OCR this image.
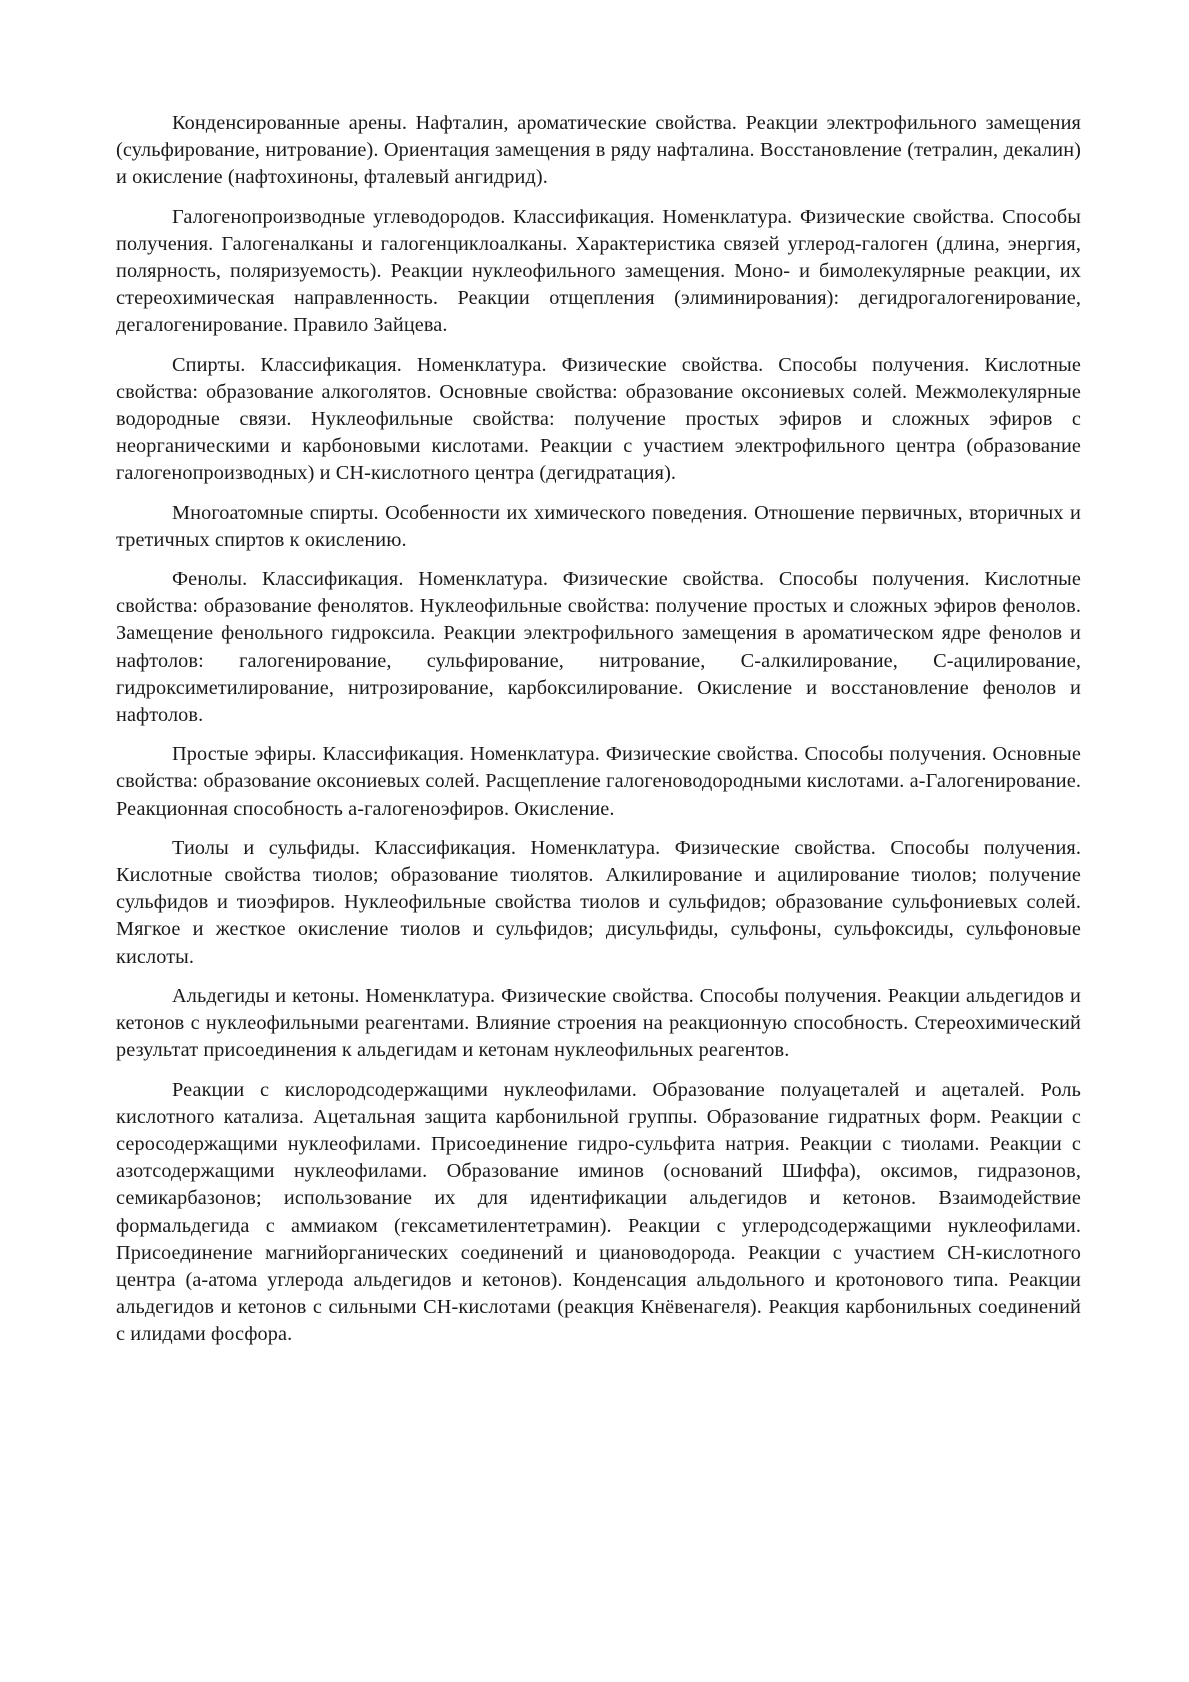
Конденсированные арены. Нафталин, ароматические свойства. Реакции электрофильного замещения (сульфирование, нитрование). Ориентация замещения в ряду нафталина. Восстановление (тетралин, декалин) и окисление (нафтохиноны, фталевый ангидрид).

Галогенопроизводные углеводородов. Классификация. Номенклатура. Физические свойства. Способы получения. Галогеналканы и галогенциклоалканы. Характеристика связей углерод-галоген (длина, энергия, полярность, поляризуемость). Реакции нуклеофильного замещения. Моно- и бимолекулярные реакции, их стереохимическая направленность. Реакции отщепления (элиминирования): дегидрогалогенирование, дегалогенирование. Правило Зайцева.

Спирты. Классификация. Номенклатура. Физические свойства. Способы получения. Кислотные свойства: образование алкоголятов. Основные свойства: образование оксониевых солей. Межмолекулярные водородные связи. Нуклеофильные свойства: получение простых эфиров и сложных эфиров с неорганическими и карбоновыми кислотами. Реакции с участием электрофильного центра (образование галогенопроизводных) и СН-кислотного центра (дегидратация).

Многоатомные спирты. Особенности их химического поведения. Отношение первичных, вторичных и третичных спиртов к окислению.

Фенолы. Классификация. Номенклатура. Физические свойства. Способы получения. Кислотные свойства: образование фенолятов. Нуклеофильные свойства: получение простых и сложных эфиров фенолов. Замещение фенольного гидроксила. Реакции электрофильного замещения в ароматическом ядре фенолов и нафтолов: галогенирование, сульфирование, нитрование, С-алкилирование, С-ацилирование, гидроксиметилирование, нитрозирование, карбоксилирование. Окисление и восстановление фенолов и нафтолов.

Простые эфиры. Классификация. Номенклатура. Физические свойства. Способы получения. Основные свойства: образование оксониевых солей. Расщепление галогеноводородными кислотами. а-Галогенирование. Реакционная способность а-галогеноэфиров. Окисление.

Тиолы и сульфиды. Классификация. Номенклатура. Физические свойства. Способы получения. Кислотные свойства тиолов; образование тиолятов. Алкилирование и ацилирование тиолов; получение сульфидов и тиоэфиров. Нуклеофильные свойства тиолов и сульфидов; образование сульфониевых солей. Мягкое и жесткое окисление тиолов и сульфидов; дисульфиды, сульфоны, сульфоксиды, сульфоновые кислоты.

Альдегиды и кетоны. Номенклатура. Физические свойства. Способы получения. Реакции альдегидов и кетонов с нуклеофильными реагентами. Влияние строения на реакционную способность. Стереохимический результат присоединения к альдегидам и кетонам нуклеофильных реагентов.

Реакции с кислородсодержащими нуклеофилами. Образование полуацеталей и ацеталей. Роль кислотного катализа. Ацетальная защита карбонильной группы. Образование гидратных форм. Реакции с серосодержащими нуклеофилами. Присоединение гидро-сульфита натрия. Реакции с тиолами. Реакции с азотсодержащими нуклеофилами. Образование иминов (оснований Шиффа), оксимов, гидразонов, семикарбазонов; использование их для идентификации альдегидов и кетонов. Взаимодействие формальдегида с аммиаком (гексаметилентетрамин). Реакции с углеродсодержащими нуклеофилами. Присоединение магнийорганических соединений и циановодорода. Реакции с участием СН-кислотного центра (а-атома углерода альдегидов и кетонов). Конденсация альдольного и кротонового типа. Реакции альдегидов и кетонов с сильными СН-кислотами (реакция Кнёвенагеля). Реакция карбонильных соединений с илидами фосфора.
